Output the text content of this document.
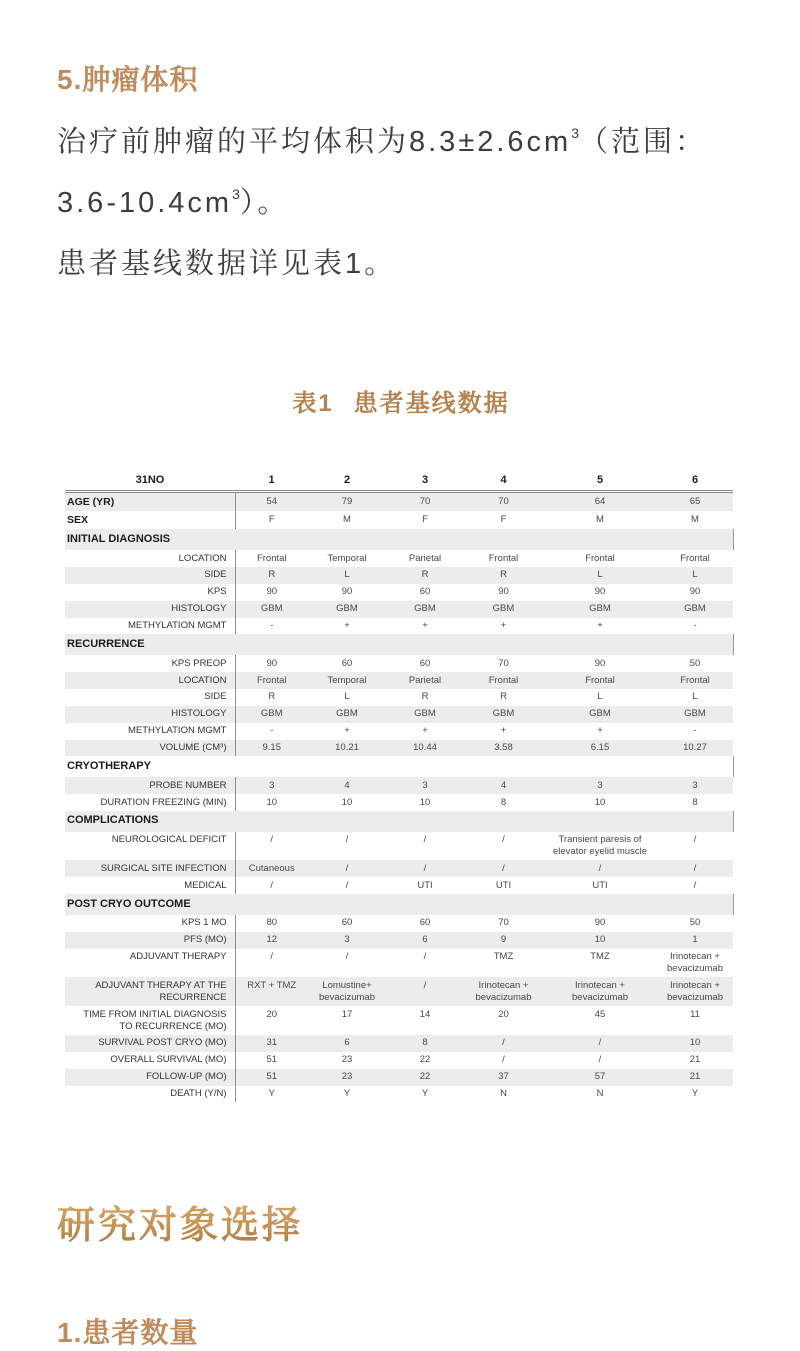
5.肿瘤体积

治疗前肿瘤的平均体积为$8.3\pm 2.6cm^3$（范围：$3.6-10.4cm^3$）。

患者基线数据详见表1。

表1 患者基线数据
31NO	1	2	3	4	5	6
AGE (YR)	54	79	70	70	64	65
SEX	F	M	F	F	M	M
INITIAL DIAGNOSIS						
LOCATION	Frontal	Temporal	Parietal	Frontal	Frontal	Frontal
SIDE	R	L	R	R	L	L
KPS	90	90	60	90	90	90
HISTOLOGY	GBM	GBM	GBM	GBM	GBM	GBM
METHYLATION MGMT	-	+	+	+	+	-
RECURRENCE						
KPS PREOP	90	60	60	70	90	50
LOCATION	Frontal	Temporal	Parietal	Frontal	Frontal	Frontal
SIDE	R	L	R	R	L	L
HISTOLOGY	GBM	GBM	GBM	GBM	GBM	GBM
METHYLATION MGMT	-	+	+	+	+	-
VOLUME (CM³)	9.15	10.21	10.44	3.58	6.15	10.27
CRYOTHERAPY						
PROBE NUMBER	3	4	3	4	3	3
DURATION FREEZING (MIN)	10	10	10	8	10	8
COMPLICATIONS						
NEUROLOGICAL DEFICIT	/	/	/	/	Transient paresis of elevator eyelid muscle	/
SURGICAL SITE INFECTION	Cutaneous	/	/	/	/	/
MEDICAL	/	/	UTI	UTI	UTI	/
POST CRYO OUTCOME						
KPS 1 MO	80	60	60	70	90	50
PFS (MO)	12	3	6	9	10	1
ADJUVANT THERAPY	/	/	/	TMZ	TMZ	Irinotecan + bevacizumab
ADJUVANT THERAPY AT THE RECURRENCE	RXT + TMZ	Lomustine+ bevacizumab	/	Irinotecan + bevacizumab	Irinotecan + bevacizumab	Irinotecan + bevacizumab
TIME FROM INITIAL DIAGNOSIS TO RECURRENCE (MO)	20	17	14	20	45	11
SURVIVAL POST CRYO (MO)	31	6	8	/	/	10
OVERALL SURVIVAL (MO)	51	23	22	/	/	21
FOLLOW-UP (MO)	51	23	22	37	57	21
DEATH (Y/N)	Y	Y	Y	N	N	Y
研究对象选择
1.患者数量
